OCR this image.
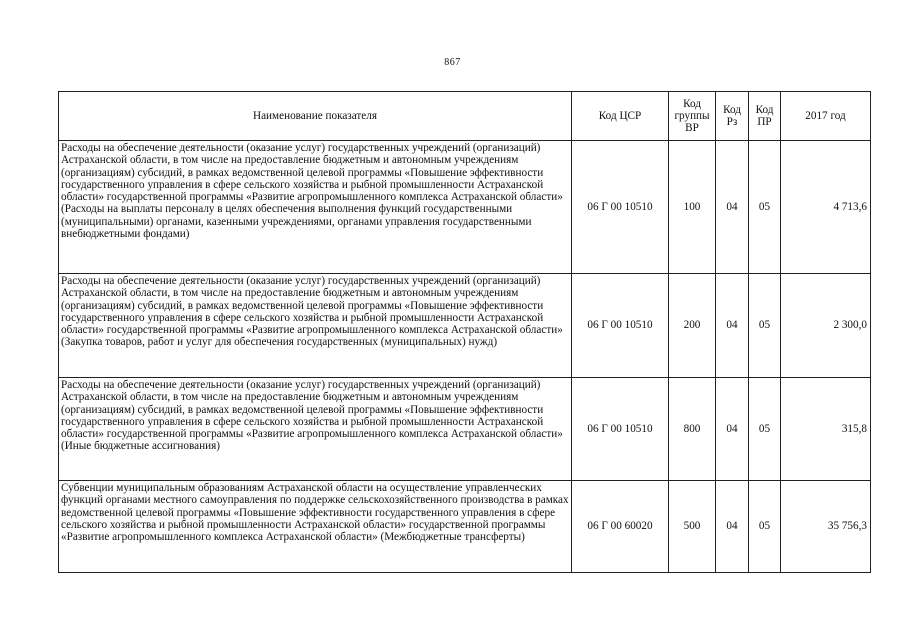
867
Наименование показателя	Код ЦСР	Код группы ВР	Код Рз	Код ПР	2017 год
Расходы на обеспечение деятельности (оказание услуг) государственных учреждений (организаций) Астраханской области, в том числе на предоставление бюджетным и автономным учреждениям (организациям) субсидий, в рамках ведомственной целевой программы «Повышение эффективности государственного управления в сфере сельского хозяйства и рыбной промышленности Астраханской области» государственной программы «Развитие агропромышленного комплекса Астраханской области» (Расходы на выплаты персоналу в целях обеспечения выполнения функций государственными (муниципальными) органами, казенными учреждениями, органами управления государственными внебюджетными фондами)	06 Г 00 10510	100	04	05	4 713,6
Расходы на обеспечение деятельности (оказание услуг) государственных учреждений (организаций) Астраханской области, в том числе на предоставление бюджетным и автономным учреждениям (организациям) субсидий, в рамках ведомственной целевой программы «Повышение эффективности государственного управления в сфере сельского хозяйства и рыбной промышленности Астраханской области» государственной программы «Развитие агропромышленного комплекса Астраханской области» (Закупка товаров, работ и услуг для обеспечения государственных (муниципальных) нужд)	06 Г 00 10510	200	04	05	2 300,0
Расходы на обеспечение деятельности (оказание услуг) государственных учреждений (организаций) Астраханской области, в том числе на предоставление бюджетным и автономным учреждениям (организациям) субсидий, в рамках ведомственной целевой программы «Повышение эффективности государственного управления в сфере сельского хозяйства и рыбной промышленности Астраханской области» государственной программы «Развитие агропромышленного комплекса Астраханской области» (Иные бюджетные ассигнования)	06 Г 00 10510	800	04	05	315,8
Субвенции муниципальным образованиям Астраханской области на осуществление управленческих функций органами местного самоуправления по поддержке сельскохозяйственного производства в рамках ведомственной целевой программы «Повышение эффективности государственного управления в сфере сельского хозяйства и рыбной промышленности Астраханской области» государственной программы «Развитие агропромышленного комплекса Астраханской области» (Межбюджетные трансферты)	06 Г 00 60020	500	04	05	35 756,3
